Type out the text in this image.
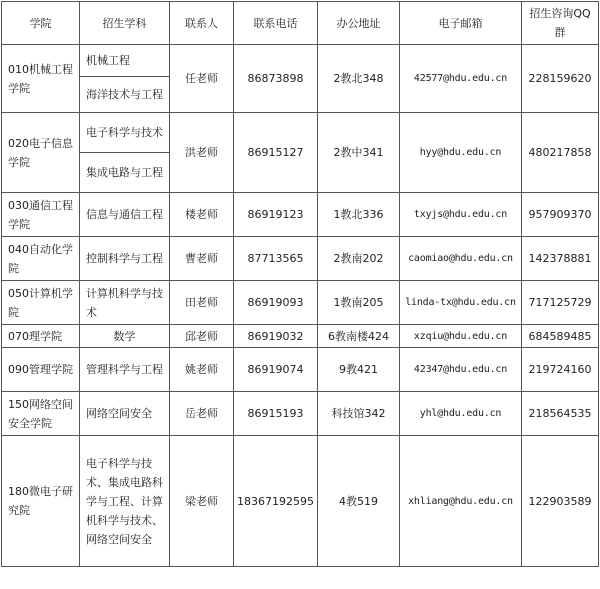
学院	招生学科	联系人	联系电话	办公地址	电子邮箱	招生咨询QQ群
010机械工程学院	机械工程	任老师	86873898	2教北348	42577@hdu.edu.cn	228159620
	海洋技术与工程					
020电子信息学院	电子科学与技术	洪老师	86915127	2教中341	hyy@hdu.edu.cn	480217858
	集成电路与工程					
030通信工程学院	信息与通信工程	楼老师	86919123	1教北336	txyjs@hdu.edu.cn	957909370
040自动化学院	控制科学与工程	曹老师	87713565	2教南202	caomiao@hdu.edu.cn	142378881
050计算机学院	计算机科学与技术	田老师	86919093	1教南205	linda-tx@hdu.edu.cn	717125729
070理学院	数学	邱老师	86919032	6教南楼424	xzqiu@hdu.edu.cn	684589485
090管理学院	管理科学与工程	姚老师	86919074	9教421	42347@hdu.edu.cn	219724160
150网络空间安全学院	网络空间安全	岳老师	86915193	科技馆342	yhl@hdu.edu.cn	218564535
180微电子研究院	电子科学与技术、集成电路科学与工程、计算机科学与技术、网络空间安全	梁老师	18367192595	4教519	xhliang@hdu.edu.cn	122903589
